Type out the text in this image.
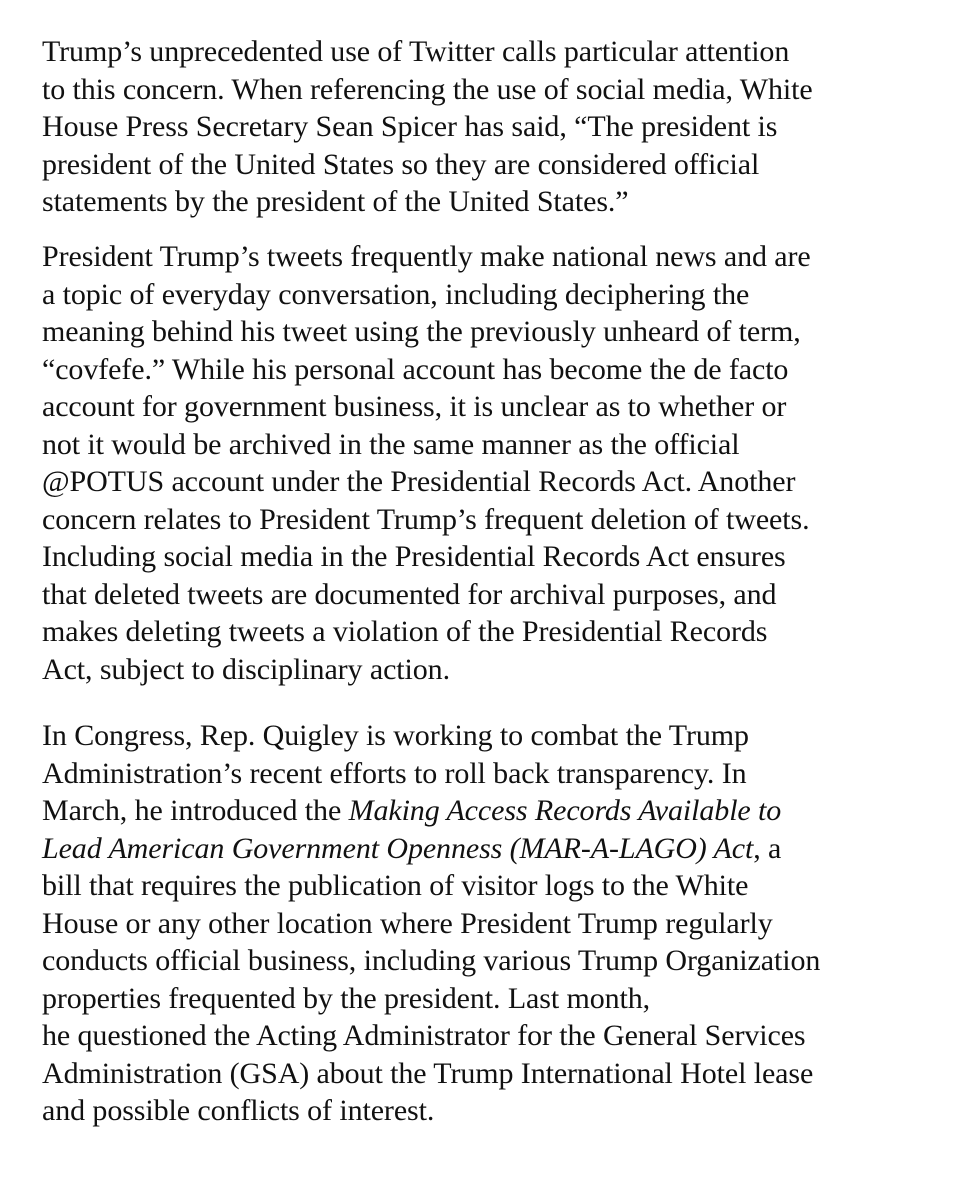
Trump’s unprecedented use of Twitter calls particular attention
to this concern. When referencing the use of social media, White
House Press Secretary Sean Spicer has said, “The president is
president of the United States so they are considered official
statements by the president of the United States.”

President Trump’s tweets frequently make national news and are
a topic of everyday conversation, including deciphering the
meaning behind his tweet using the previously unheard of term,
“covfefe.” While his personal account has become the de facto
account for government business, it is unclear as to whether or
not it would be archived in the same manner as the official
@POTUS account under the Presidential Records Act. Another
concern relates to President Trump’s frequent deletion of tweets.
Including social media in the Presidential Records Act ensures
that deleted tweets are documented for archival purposes, and
makes deleting tweets a violation of the Presidential Records
Act, subject to disciplinary action.

In Congress, Rep. Quigley is working to combat the Trump
Administration’s recent efforts to roll back transparency. In
March, he introduced the Making Access Records Available to
Lead American Government Openness (MAR-A-LAGO) Act, a
bill that requires the publication of visitor logs to the White
House or any other location where President Trump regularly
conducts official business, including various Trump Organization
properties frequented by the president. Last month,
he questioned the Acting Administrator for the General Services
Administration (GSA) about the Trump International Hotel lease
and possible conflicts of interest.
